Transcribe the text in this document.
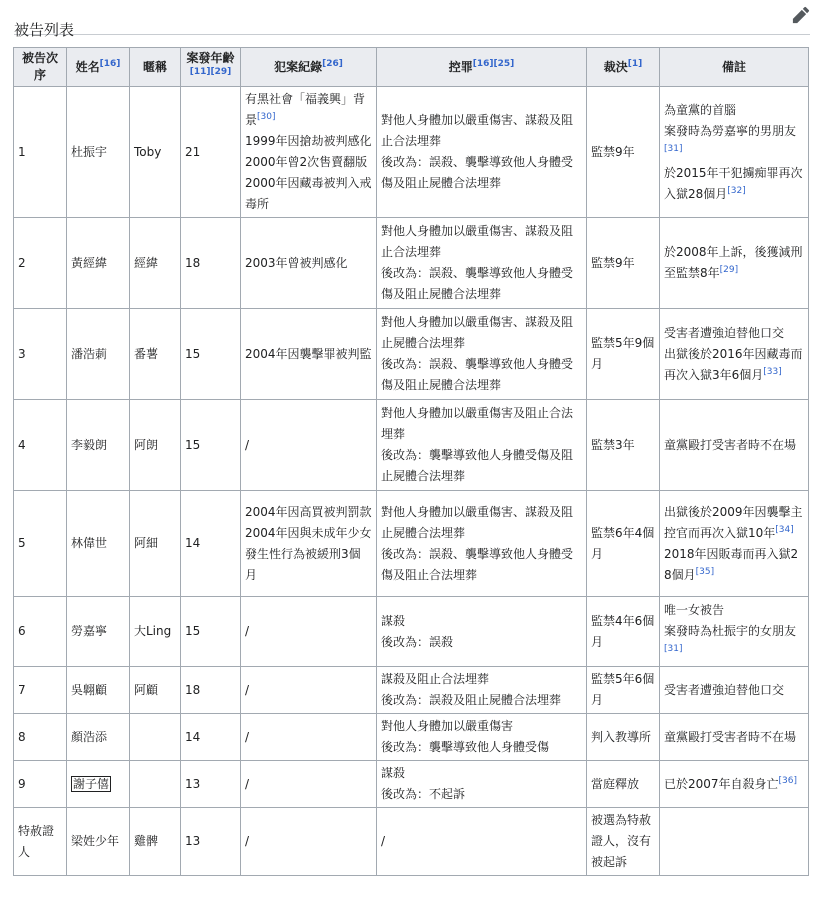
被告列表
被告次序	姓名[16]	暱稱	案發年齡[11][29]	犯案紀錄[26]	控罪[16][25]	裁決[1]	備註
1	杜振宇	Toby	21	有黑社會「福義興」背景[30]
1999年因搶劫被判感化
2000年曾2次售賣翻版
2000年因藏毒被判入戒毒所	對他人身體加以嚴重傷害、謀殺及阻止合法埋葬
後改為：誤殺、襲擊導致他人身體受傷及阻止屍體合法埋葬	監禁9年	為童黨的首腦
案發時為勞嘉寧的男朋友[31]
於2015年干犯擄痴罪再次入獄28個月[32]

2	黃經緯	經緯	18	2003年曾被判感化	對他人身體加以嚴重傷害、謀殺及阻止合法埋葬
後改為：誤殺、襲擊導致他人身體受傷及阻止屍體合法埋葬	監禁9年	於2008年上訴，後獲減刑至監禁8年[29]

3	潘浩莿	番薯	15	2004年因襲擊罪被判監	對他人身體加以嚴重傷害、謀殺及阻止屍體合法埋葬
後改為：誤殺、襲擊導致他人身體受傷及阻止屍體合法埋葬	監禁5年9個月	受害者遭強迫替他口交
出獄後於2016年因藏毒而再次入獄3年6個月[33]

4	李毅朗	阿朗	15	/	對他人身體加以嚴重傷害及阻止合法埋葬
後改為：襲擊導致他人身體受傷及阻止屍體合法埋葬	監禁3年	童黨毆打受害者時不在場

5	林偉世	阿細	14	2004年因高買被判罰款
2004年因與未成年少女發生性行為被緩刑3個月	對他人身體加以嚴重傷害、謀殺及阻止屍體合法埋葬
後改為：誤殺、襲擊導致他人身體受傷及阻止合法埋葬	監禁6年4個月	出獄後於2009年因襲擊主控官而再次入獄10年[34]
2018年因販毒而再入獄28個月[35]

6	勞嘉寧	大Ling	15	/	謀殺
後改為：誤殺	監禁4年6個月	唯一女被告
案發時為杜振宇的女朋友[31]

7	吳翺顧	阿顧	18	/	謀殺及阻止合法埋葬
後改為：誤殺及阻止屍體合法埋葬	監禁5年6個月	受害者遭強迫替他口交

8	顏浩添		14	/	對他人身體加以嚴重傷害
後改為：襲擊導致他人身體受傷	判入教導所	童黨毆打受害者時不在場

9	謝子僖		13	/	謀殺
後改為：不起訴	當庭釋放	已於2007年自殺身亡[36]

特赦證人	梁姓少年	雞髀	13	/	/	被選為特赦證人，沒有被起訴	
